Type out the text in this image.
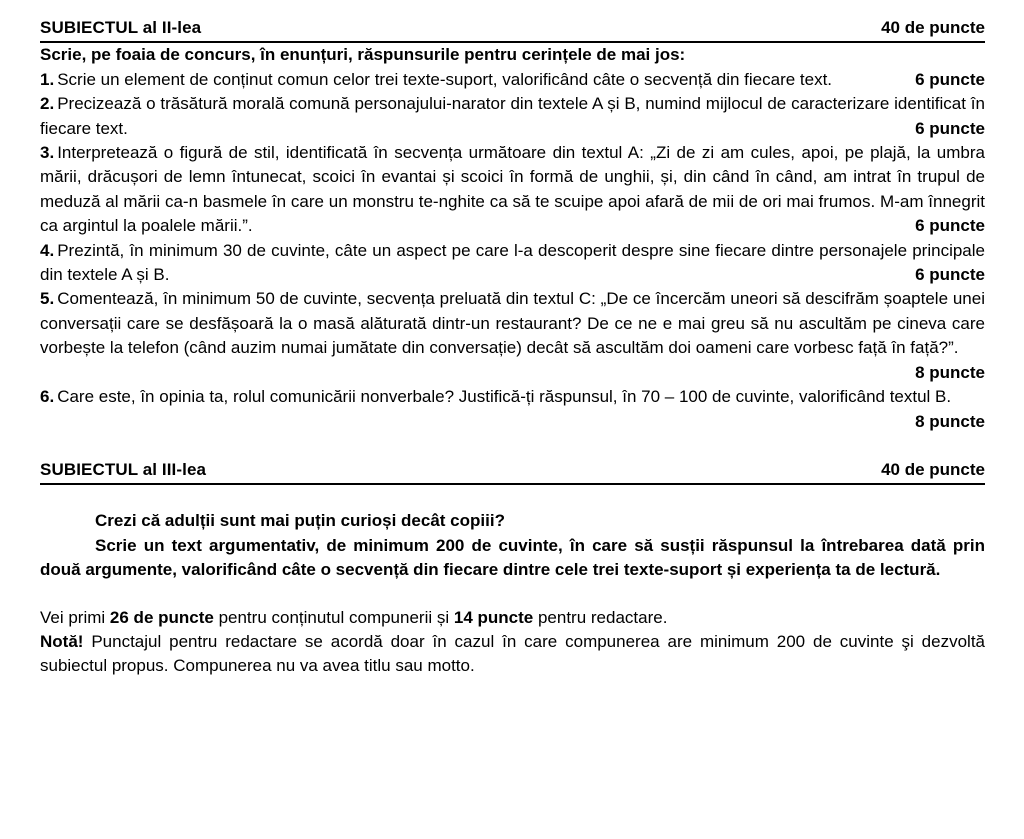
SUBIECTUL al II-lea	40 de puncte

Scrie, pe foaia de concurs, în enunțuri, răspunsurile pentru cerințele de mai jos:

1. Scrie un element de conținut comun celor trei texte-suport, valorificând câte o secvență din fiecare text.	6 puncte

2. Precizează o trăsătură morală comună personajului-narator din textele A și B, numind mijlocul de caracterizare identificat în fiecare text.	6 puncte

3. Interpretează o figură de stil, identificată în secvența următoare din textul A: „Zi de zi am cules, apoi, pe plajă, la umbra mării, drăcușori de lemn întunecat, scoici în evantai și scoici în formă de unghii, și, din când în când, am intrat în trupul de meduză al mării ca-n basmele în care un monstru te-nghite ca să te scuipe apoi afară de mii de ori mai frumos. M-am înnegrit ca argintul la poalele mării.”.	6 puncte

4. Prezintă, în minimum 30 de cuvinte, câte un aspect pe care l-a descoperit despre sine fiecare dintre personajele principale din textele A și B.	6 puncte

5. Comentează, în minimum 50 de cuvinte, secvența preluată din textul C: „De ce încercăm uneori să descifrăm șoaptele unei conversații care se desfășoară la o masă alăturată dintr-un restaurant? De ce ne e mai greu să nu ascultăm pe cineva care vorbește la telefon (când auzim numai jumătate din conversație) decât să ascultăm doi oameni care vorbesc față în față?”.
8 puncte

6. Care este, în opinia ta, rolul comunicării nonverbale? Justifică-ți răspunsul, în 70 – 100 de cuvinte, valorificând textul B.
8 puncte

SUBIECTUL al III-lea	40 de puncte

Crezi că adulții sunt mai puțin curioși decât copiii?

Scrie un text argumentativ, de minimum 200 de cuvinte, în care să susții răspunsul la întrebarea dată prin două argumente, valorificând câte o secvență din fiecare dintre cele trei texte-suport și experiența ta de lectură.

Vei primi 26 de puncte pentru conținutul compunerii și 14 puncte pentru redactare.

Notă! Punctajul pentru redactare se acordă doar în cazul în care compunerea are minimum 200 de cuvinte şi dezvoltă subiectul propus. Compunerea nu va avea titlu sau motto.
